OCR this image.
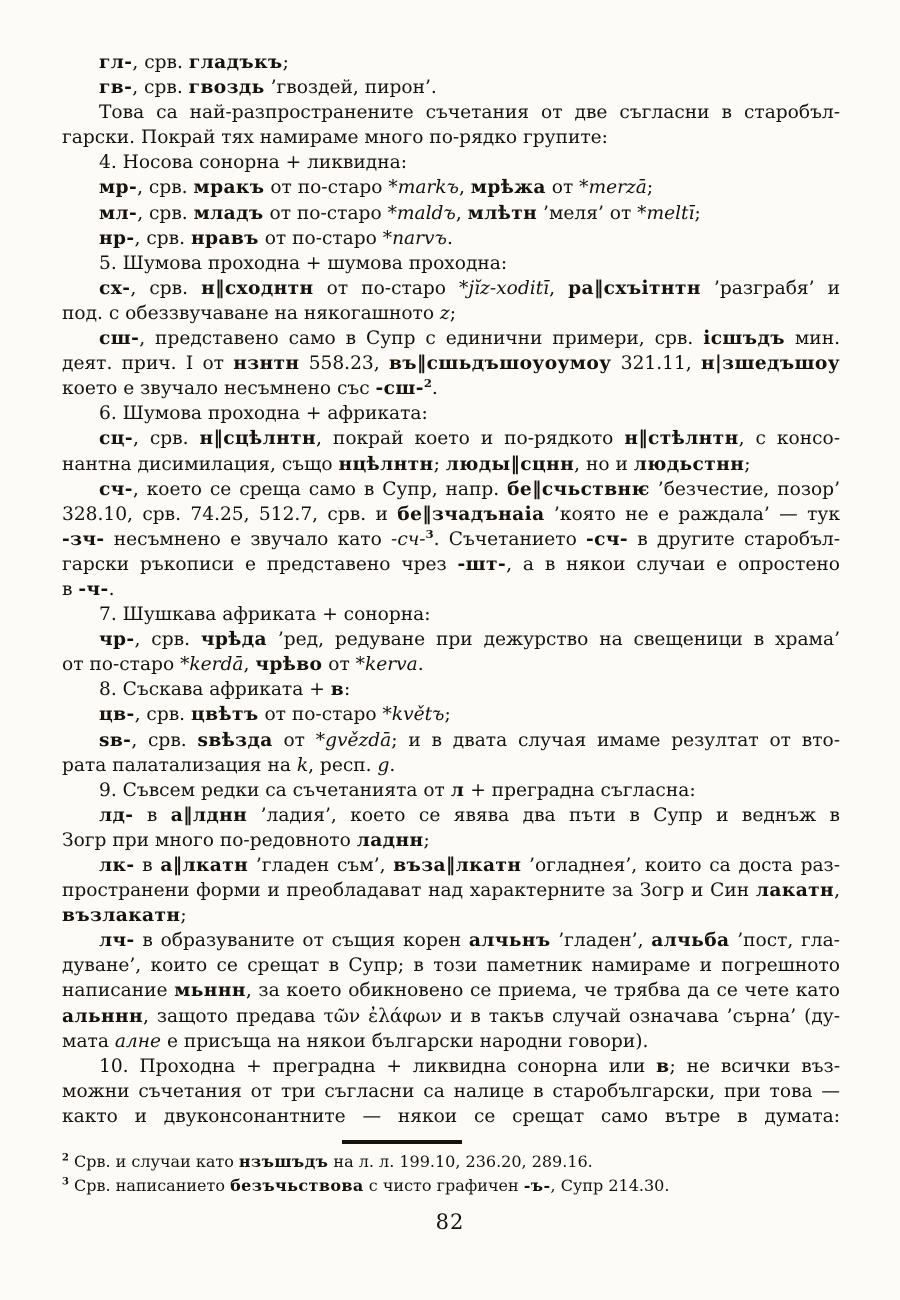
гл-, срв. гладъкъ;
гв-, срв. гвоздь ’гвоздей, пирон’.
Това са най-разпространените съчетания от две съгласни в старобъл-
гарски. Покрай тях намираме много по-рядко групите:
4. Носова сонорна + ликвидна:
мр-, срв. мракъ от по-старо *markъ, мрѣжа от *merzā;
мл-, срв. младъ от по-старо *maldъ, млѣтн ’меля’ от *meltī;
нр-, срв. нравъ от по-старо *narvъ.
5. Шумова проходна + шумова проходна:
сх-, срв. н‖сходнтн от по-старо *jĭz-xoditī, ра‖схъітнтн ’разграбя’ и
под. с обеззвучаване на някогашното z;
сш-, представено само в Супр с единични примери, срв. ісшъдъ мин.
деят. прич. I от нзнтн 558.23, въ‖сшьдъшоуоумоу 321.11, н|зшедъшоу
което е звучало несъмнено със -сш-$^2$.
6. Шумова проходна + африката:
сц-, срв. н‖сцѣлнтн, покрай което и по-рядкото н‖стѣлнтн, с консо-
нантна дисимилация, също нцѣлнтн; люды‖сцнн, но и людьстнн;
сч-, което се среща само в Супр, напр. бе‖счьствнѥ ’безчестие, позор’
328.10, срв. 74.25, 512.7, срв. и бе‖зчадънаіа ’която не е раждала’ — тук
-зч- несъмнено е звучало като -сч-$^3$. Съчетанието -сч- в другите старобъл-
гарски ръкописи е представено чрез -шт-, а в някои случаи е опростено
в -ч-.
7. Шушкава африката + сонорна:
чр-, срв. чрѣда ’ред, редуване при дежурство на свещеници в храма’
от по-старо *kerdā, чрѣво от *kerva.
8. Съскава африката + в:
цв-, срв. цвѣтъ от по-старо *květъ;
ѕв-, срв. ѕвѣзда от *gvězdā; и в двата случая имаме резултат от вто-
рата палатализация на k, респ. g.
9. Съвсем редки са съчетанията от л + преградна съгласна:
лд- в а‖лднн ’ладия’, което се явява два пъти в Супр и веднъж в
Зогр при много по-редовното ладнн;
лк- в а‖лкатн ’гладен съм’, въза‖лкатн ’огладнея’, които са доста раз-
пространени форми и преобладават над характерните за Зогр и Син лакатн,
възлакатн;
лч- в образуваните от същия корен алчьнъ ’гладен’, алчьба ’пост, гла-
дуване’, които се срещат в Супр; в този паметник намираме и погрешното
написание мьннн, за което обикновено се приема, че трябва да се чете като
альннн, защото предава τῶν ἐλάφων и в такъв случай означава ’сърна’ (ду-
мата алне е присъща на някои български народни говори).
10. Проходна + преградна + ликвидна сонорна или в; не всички въз-
можни съчетания от три съгласни са налице в старобългарски, при това —
както и двуконсонантните — някои се срещат само вътре в думата:
$^2$ Срв. и случаи като нзъшъдъ на л. л. 199.10, 236.20, 289.16.
$^3$ Срв. написанието безъчьствова с чисто графичен -ъ-, Супр 214.30.
82
